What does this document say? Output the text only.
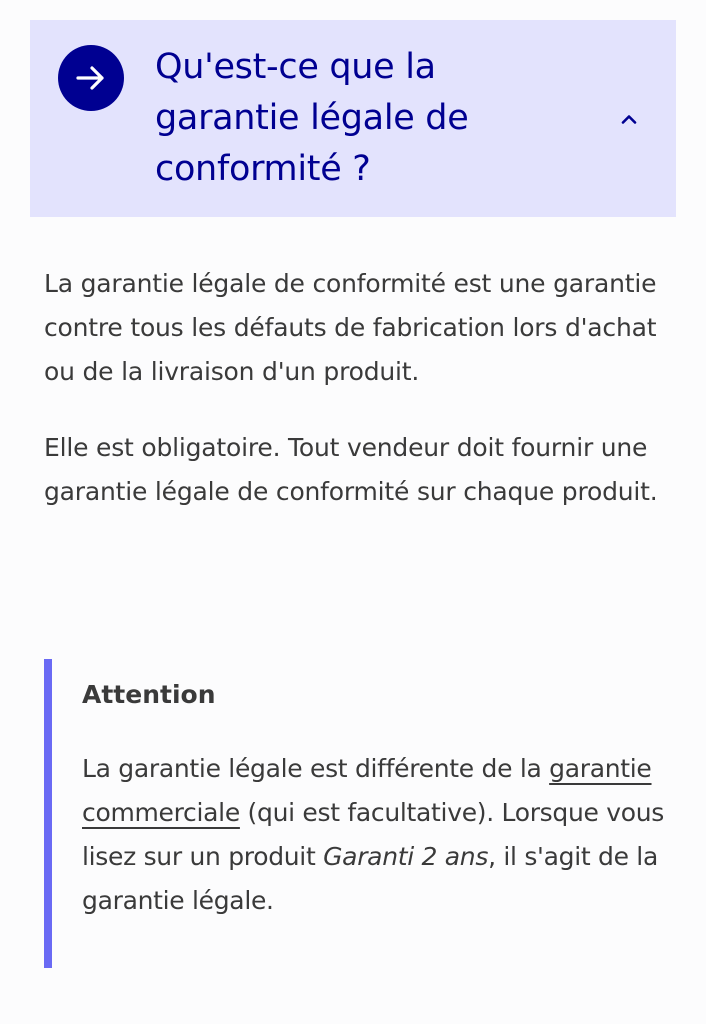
Qu'est-ce que la garantie légale de conformité ?

La garantie légale de conformité est une garantie contre tous les défauts de fabrication lors d'achat ou de la livraison d'un produit.

Elle est obligatoire. Tout vendeur doit fournir une garantie légale de conformité sur chaque produit.

Attention

La garantie légale est différente de la garantie commerciale (qui est facultative). Lorsque vous lisez sur un produit Garanti 2 ans, il s'agit de la garantie légale.
